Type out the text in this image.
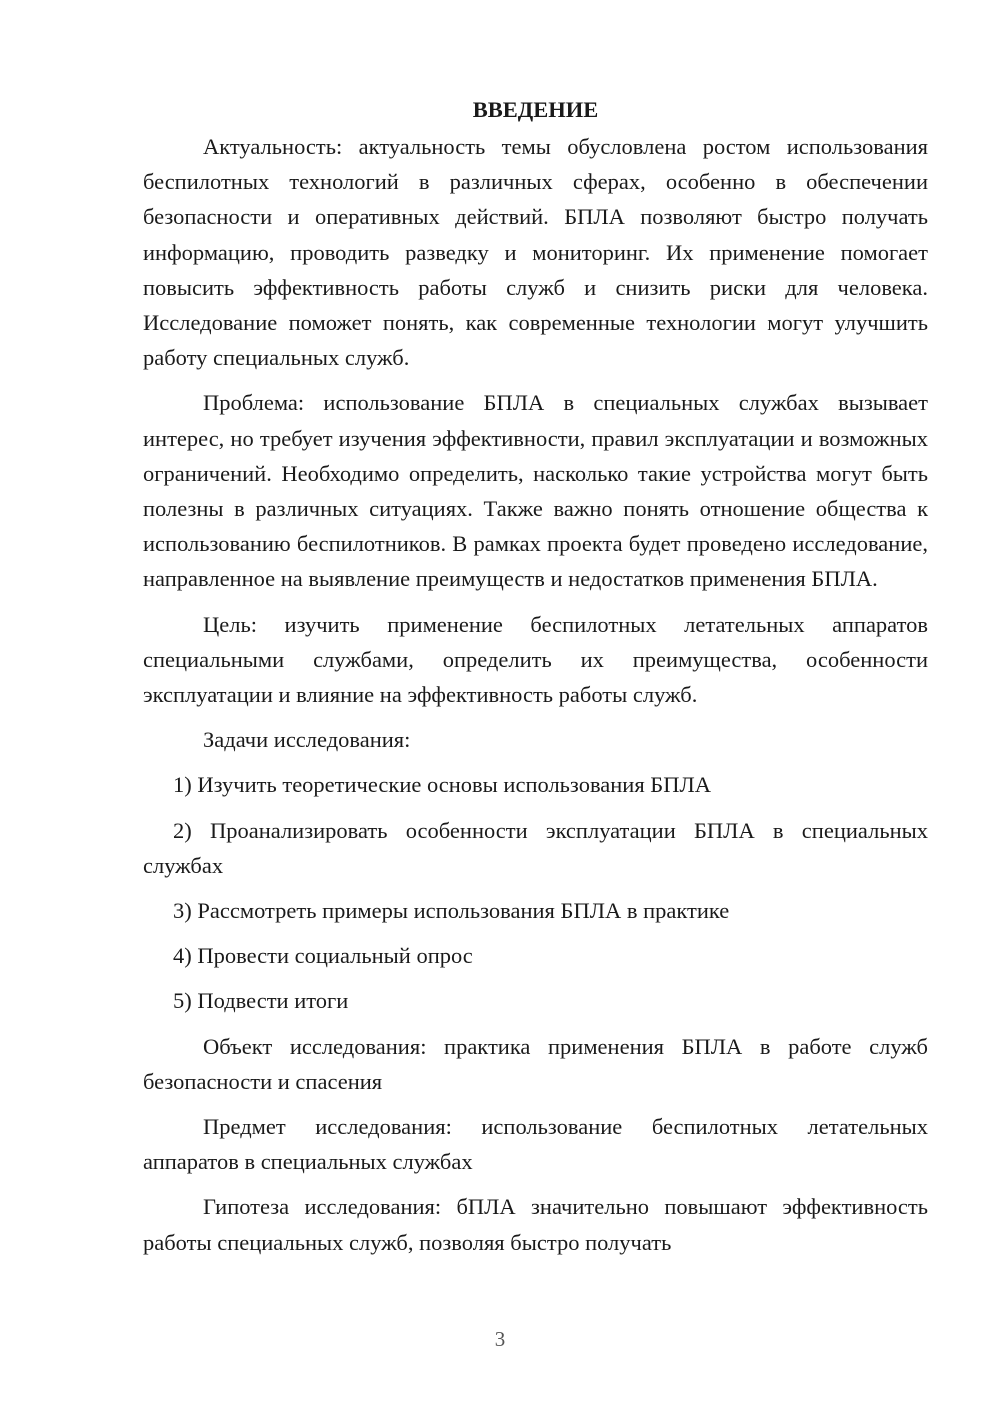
ВВЕДЕНИЕ

Актуальность: актуальность темы обусловлена ростом использования беспилотных технологий в различных сферах, особенно в обеспечении безопасности и оперативных действий. БПЛА позволяют быстро получать информацию, проводить разведку и мониторинг. Их применение помогает повысить эффективность работы служб и снизить риски для человека. Исследование поможет понять, как современные технологии могут улучшить работу специальных служб.

Проблема: использование БПЛА в специальных службах вызывает интерес, но требует изучения эффективности, правил эксплуатации и возможных ограничений. Необходимо определить, насколько такие устройства могут быть полезны в различных ситуациях. Также важно понять отношение общества к использованию беспилотников. В рамках проекта будет проведено исследование, направленное на выявление преимуществ и недостатков применения БПЛА.

Цель: изучить применение беспилотных летательных аппаратов специальными службами, определить их преимущества, особенности эксплуатации и влияние на эффективность работы служб.

Задачи исследования:

1) Изучить теоретические основы использования БПЛА

2) Проанализировать особенности эксплуатации БПЛА в специальных службах

3) Рассмотреть примеры использования БПЛА в практике

4) Провести социальный опрос

5) Подвести итоги

Объект исследования: практика применения БПЛА в работе служб безопасности и спасения

Предмет исследования: использование беспилотных летательных аппаратов в специальных службах

Гипотеза исследования: бПЛА значительно повышают эффективность работы специальных служб, позволяя быстро получать

3
